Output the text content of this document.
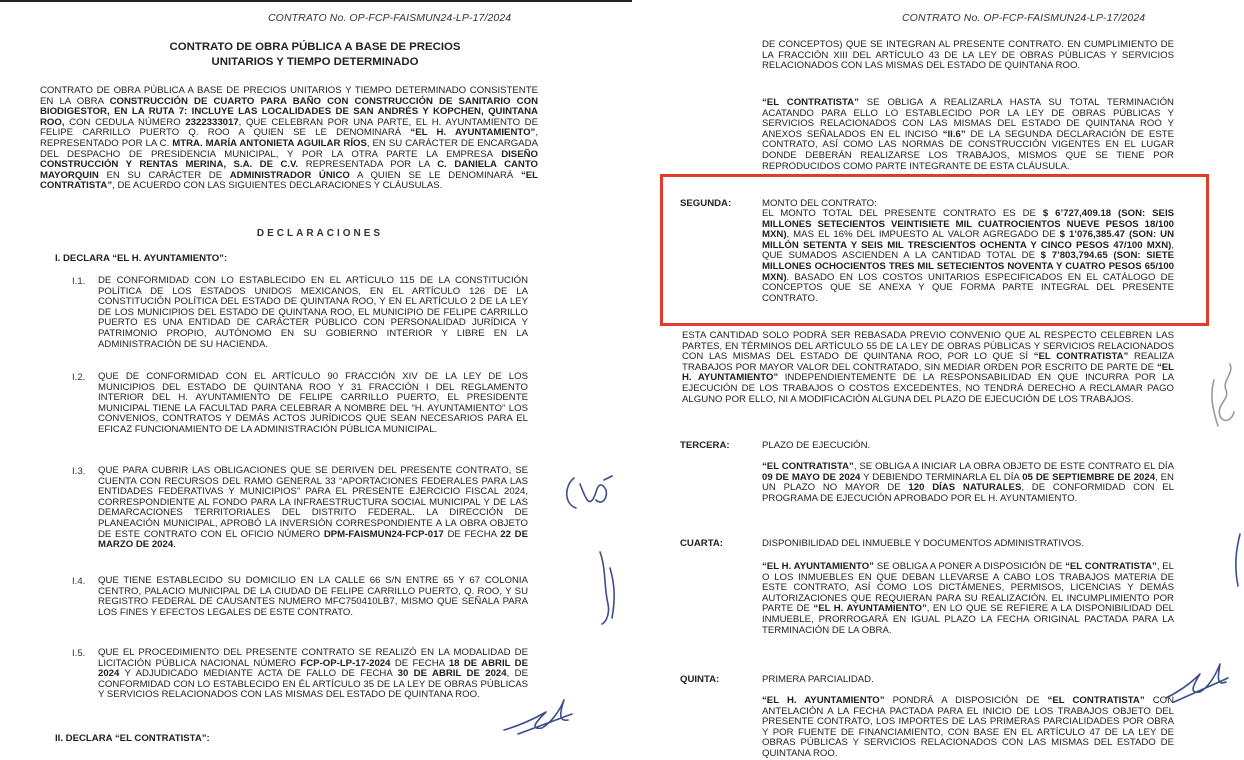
CONTRATO No. OP-FCP-FAISMUN24-LP-17/2024

CONTRATO DE OBRA PÚBLICA A BASE DE PRECIOS

UNITARIOS Y TIEMPO DETERMINADO

CONTRATO DE OBRA PÚBLICA A BASE DE PRECIOS UNITARIOS Y TIEMPO DETERMINADO CONSISTENTE EN LA OBRA CONSTRUCCIÓN DE CUARTO PARA BAÑO CON CONSTRUCCIÓN DE SANITARIO CON BIODIGESTOR, EN LA RUTA 7: INCLUYE LAS LOCALIDADES DE SAN ANDRÉS Y KOPCHEN, QUINTANA ROO, CON CEDULA NÚMERO 2322333017, QUE CELEBRAN POR UNA PARTE, EL H. AYUNTAMIENTO DE FELIPE CARRILLO PUERTO Q. ROO A QUIEN SE LE DENOMINARÁ “EL H. AYUNTAMIENTO”, REPRESENTADO POR LA C. MTRA. MARÍA ANTONIETA AGUILAR RÍOS, EN SU CARÁCTER DE ENCARGADA DEL DESPACHO DE PRESIDENCIA MUNICIPAL, Y POR LA OTRA PARTE LA EMPRESA DISEÑO CONSTRUCCIÓN Y RENTAS MERINA, S.A. DE C.V. REPRESENTADA POR LA C. DANIELA CANTO MAYORQUIN EN SU CARÁCTER DE ADMINISTRADOR ÚNICO A QUIEN SE LE DENOMINARÁ “EL CONTRATISTA”, DE ACUERDO CON LAS SIGUIENTES DECLARACIONES Y CLÁUSULAS.

DECLARACIONES
I. DECLARA “EL H. AYUNTAMIENTO”:
I.1. DE CONFORMIDAD CON LO ESTABLECIDO EN EL ARTÍCULO 115 DE LA CONSTITUCIÓN POLÍTICA DE LOS ESTADOS UNIDOS MEXICANOS, EN EL ARTÍCULO 126 DE LA CONSTITUCIÓN POLÍTICA DEL ESTADO DE QUINTANA ROO, Y EN EL ARTÍCULO 2 DE LA LEY DE LOS MUNICIPIOS DEL ESTADO DE QUINTANA ROO, EL MUNICIPIO DE FELIPE CARRILLO PUERTO ES UNA ENTIDAD DE CARÁCTER PÚBLICO CON PERSONALIDAD JURÍDICA Y PATRIMONIO PROPIO, AUTÓNOMO EN SU GOBIERNO INTERIOR Y LIBRE EN LA ADMINISTRACIÓN DE SU HACIENDA.

I.2. QUE DE CONFORMIDAD CON EL ARTÍCULO 90 FRACCIÓN XIV DE LA LEY DE LOS MUNICIPIOS DEL ESTADO DE QUINTANA ROO Y 31 FRACCIÓN I DEL REGLAMENTO INTERIOR DEL H. AYUNTAMIENTO DE FELIPE CARRILLO PUERTO, EL PRESIDENTE MUNICIPAL TIENE LA FACULTAD PARA CELEBRAR A NOMBRE DEL “H. AYUNTAMIENTO” LOS CONVENIOS, CONTRATOS Y DEMÁS ACTOS JURÍDICOS QUE SEAN NECESARIOS PARA EL EFICAZ FUNCIONAMIENTO DE LA ADMINISTRACIÓN PÚBLICA MUNICIPAL.

I.3. QUE PARA CUBRIR LAS OBLIGACIONES QUE SE DERIVEN DEL PRESENTE CONTRATO, SE CUENTA CON RECURSOS DEL RAMO GENERAL 33 “APORTACIONES FEDERALES PARA LAS ENTIDADES FEDERATIVAS Y MUNICIPIOS” PARA EL PRESENTE EJERCICIO FISCAL 2024, CORRESPONDIENTE AL FONDO PARA LA INFRAESTRUCTURA SOCIAL MUNICIPAL Y DE LAS DEMARCACIONES TERRITORIALES DEL DISTRITO FEDERAL. LA DIRECCIÓN DE PLANEACIÓN MUNICIPAL, APROBÓ LA INVERSIÓN CORRESPONDIENTE A LA OBRA OBJETO DE ESTE CONTRATO CON EL OFICIO NÚMERO DPM-FAISMUN24-FCP-017 DE FECHA 22 DE MARZO DE 2024.

I.4. QUE TIENE ESTABLECIDO SU DOMICILIO EN LA CALLE 66 S/N ENTRE 65 Y 67 COLONIA CENTRO, PALACIO MUNICIPAL DE LA CIUDAD DE FELIPE CARRILLO PUERTO, Q. ROO, Y SU REGISTRO FEDERAL DE CAUSANTES NUMERO MFC750410LB7, MISMO QUE SEÑALA PARA LOS FINES Y EFECTOS LEGALES DE ESTE CONTRATO.

I.5. QUE EL PROCEDIMIENTO DEL PRESENTE CONTRATO SE REALIZÓ EN LA MODALIDAD DE LICITACIÓN PÚBLICA NACIONAL NÚMERO FCP-OP-LP-17-2024 DE FECHA 18 DE ABRIL DE 2024 Y ADJUDICADO MEDIANTE ACTA DE FALLO DE FECHA 30 DE ABRIL DE 2024, DE CONFORMIDAD CON LO ESTABLECIDO EN ÉL ARTÍCULO 35 DE LA LEY DE OBRAS PÚBLICAS Y SERVICIOS RELACIONADOS CON LAS MISMAS DEL ESTADO DE QUINTANA ROO.

II. DECLARA “EL CONTRATISTA”:
CONTRATO No. OP-FCP-FAISMUN24-LP-17/2024

DE CONCEPTOS) QUE SE INTEGRAN AL PRESENTE CONTRATO. EN CUMPLIMIENTO DE LA FRACCIÓN XIII DEL ARTÍCULO 43 DE LA LEY DE OBRAS PÚBLICAS Y SERVICIOS RELACIONADOS CON LAS MISMAS DEL ESTADO DE QUINTANA ROO.

“EL CONTRATISTA” SE OBLIGA A REALIZARLA HASTA SU TOTAL TERMINACIÓN ACATANDO PARA ELLO LO ESTABLECIDO POR LA LEY DE OBRAS PÚBLICAS Y SERVICIOS RELACIONADOS CON LAS MISMAS DEL ESTADO DE QUINTANA ROO Y ANEXOS SEÑALADOS EN EL INCISO “II.6” DE LA SEGUNDA DECLARACIÓN DE ESTE CONTRATO, ASÍ COMO LAS NORMAS DE CONSTRUCCIÓN VIGENTES EN EL LUGAR DONDE DEBERÁN REALIZARSE LOS TRABAJOS, MISMOS QUE SE TIENE POR REPRODUCIDOS COMO PARTE INTEGRANTE DE ESTA CLÁUSULA.

SEGUNDA:	MONTO DEL CONTRATO:

EL MONTO TOTAL DEL PRESENTE CONTRATO ES DE $ 6’727,409.18 (SON: SEIS MILLONES SETECIENTOS VEINTISIETE MIL CUATROCIENTOS NUEVE PESOS 18/100 MXN), MAS EL 16% DEL IMPUESTO AL VALOR AGREGADO DE $ 1’076,385.47 (SON: UN MILLÓN SETENTA Y SEIS MIL TRESCIENTOS OCHENTA Y CINCO PESOS 47/100 MXN), QUE SUMADOS ASCIENDEN A LA CANTIDAD TOTAL DE $ 7’803,794.65 (SON: SIETE MILLONES OCHOCIENTOS TRES MIL SETECIENTOS NOVENTA Y CUATRO PESOS 65/100 MXN). BASADO EN LOS COSTOS UNITARIOS ESPECIFICADOS EN EL CATÁLOGO DE CONCEPTOS QUE SE ANEXA Y QUE FORMA PARTE INTEGRAL DEL PRESENTE CONTRATO.

ESTA CANTIDAD SOLO PODRÁ SER REBASADA PREVIO CONVENIO QUE AL RESPECTO CELEBREN LAS PARTES, EN TÉRMINOS DEL ARTÍCULO 55 DE LA LEY DE OBRAS PÚBLICAS Y SERVICIOS RELACIONADOS CON LAS MISMAS DEL ESTADO DE QUINTANA ROO, POR LO QUE SÍ “EL CONTRATISTA” REALIZA TRABAJOS POR MAYOR VALOR DEL CONTRATADO, SIN MEDIAR ORDEN POR ESCRITO DE PARTE DE “EL H. AYUNTAMIENTO” INDEPENDIENTEMENTE DE LA RESPONSABILIDAD EN QUE INCURRA POR LA EJECUCIÓN DE LOS TRABAJOS O COSTOS EXCEDENTES, NO TENDRÁ DERECHO A RECLAMAR PAGO ALGUNO POR ELLO, NI A MODIFICACIÓN ALGUNA DEL PLAZO DE EJECUCIÓN DE LOS TRABAJOS.

TERCERA:	PLAZO DE EJECUCIÓN.

“EL CONTRATISTA”, SE OBLIGA A INICIAR LA OBRA OBJETO DE ESTE CONTRATO EL DÍA 09 DE MAYO DE 2024 Y DEBIENDO TERMINARLA EL DÍA 05 DE SEPTIEMBRE DE 2024, EN UN PLAZO NO MAYOR DE 120 DÍAS NATURALES, DE CONFORMIDAD CON EL PROGRAMA DE EJECUCIÓN APROBADO POR EL H. AYUNTAMIENTO.

CUARTA:	DISPONIBILIDAD DEL INMUEBLE Y DOCUMENTOS ADMINISTRATIVOS.

“EL H. AYUNTAMIENTO” SE OBLIGA A PONER A DISPOSICIÓN DE “EL CONTRATISTA”, EL O LOS INMUEBLES EN QUE DEBAN LLEVARSE A CABO LOS TRABAJOS MATERIA DE ESTE CONTRATO, ASÍ COMO LOS DICTÁMENES, PERMISOS, LICENCIAS Y DEMÁS AUTORIZACIONES QUE REQUIERAN PARA SU REALIZACIÓN. EL INCUMPLIMIENTO POR PARTE DE “EL H. AYUNTAMIENTO”, EN LO QUE SE REFIERE A LA DISPONIBILIDAD DEL INMUEBLE, PRORROGARÁ EN IGUAL PLAZO LA FECHA ORIGINAL PACTADA PARA LA TERMINACIÓN DE LA OBRA.

QUINTA:	PRIMERA PARCIALIDAD.

“EL H. AYUNTAMIENTO” PONDRÁ A DISPOSICIÓN DE “EL CONTRATISTA” CON ANTELACIÓN A LA FECHA PACTADA PARA EL INICIO DE LOS TRABAJOS OBJETO DEL PRESENTE CONTRATO, LOS IMPORTES DE LAS PRIMERAS PARCIALIDADES POR OBRA Y POR FUENTE DE FINANCIAMIENTO, CON BASE EN EL ARTÍCULO 47 DE LA LEY DE OBRAS PÚBLICAS Y SERVICIOS RELACIONADOS CON LAS MISMAS DEL ESTADO DE QUINTANA ROO.
